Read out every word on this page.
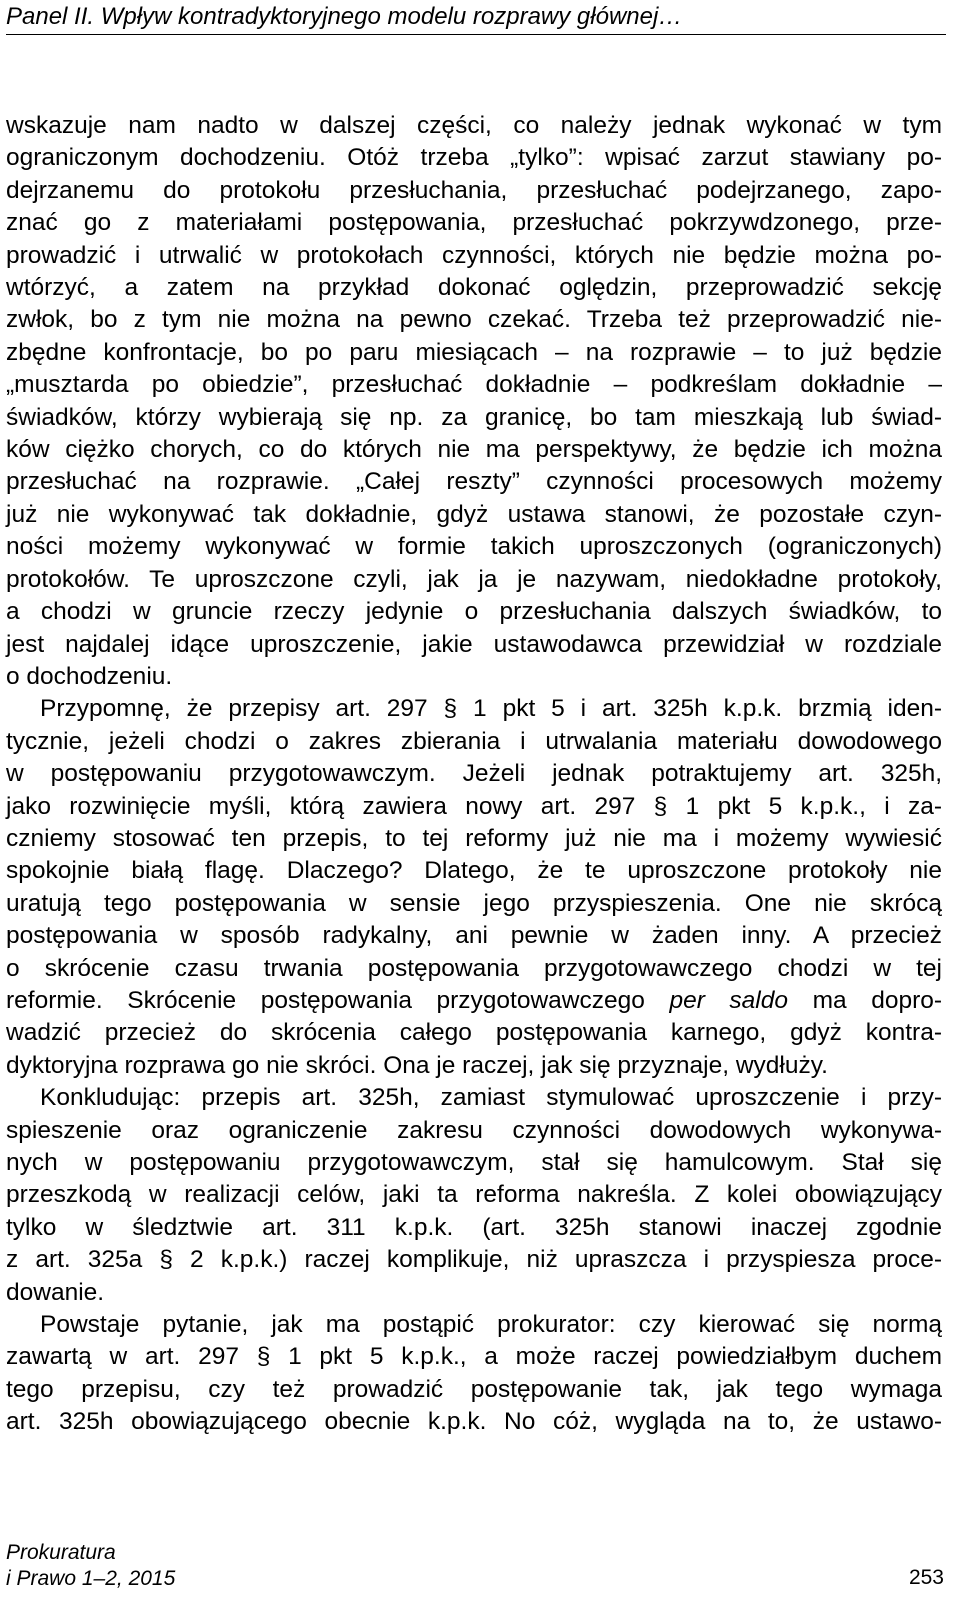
Panel II. Wpływ kontradyktoryjnego modelu rozprawy głównej…
wskazuje nam nadto w dalszej części, co należy jednak wykonać w tym
ograniczonym dochodzeniu. Otóż trzeba „tylko”: wpisać zarzut stawiany po-
dejrzanemu do protokołu przesłuchania, przesłuchać podejrzanego, zapo-
znać go z materiałami postępowania, przesłuchać pokrzywdzonego, prze-
prowadzić i utrwalić w protokołach czynności, których nie będzie można po-
wtórzyć, a zatem na przykład dokonać oględzin, przeprowadzić sekcję
zwłok, bo z tym nie można na pewno czekać. Trzeba też przeprowadzić nie-
zbędne konfrontacje, bo po paru miesiącach – na rozprawie – to już będzie
„musztarda po obiedzie”, przesłuchać dokładnie – podkreślam dokładnie –
świadków, którzy wybierają się np. za granicę, bo tam mieszkają lub świad-
ków ciężko chorych, co do których nie ma perspektywy, że będzie ich można
przesłuchać na rozprawie. „Całej reszty” czynności procesowych możemy
już nie wykonywać tak dokładnie, gdyż ustawa stanowi, że pozostałe czyn-
ności możemy wykonywać w formie takich uproszczonych (ograniczonych)
protokołów. Te uproszczone czyli, jak ja je nazywam, niedokładne protokoły,
a chodzi w gruncie rzeczy jedynie o przesłuchania dalszych świadków, to
jest najdalej idące uproszczenie, jakie ustawodawca przewidział w rozdziale
o dochodzeniu.
Przypomnę, że przepisy art. 297 § 1 pkt 5 i art. 325h k.p.k. brzmią iden-
tycznie, jeżeli chodzi o zakres zbierania i utrwalania materiału dowodowego
w postępowaniu przygotowawczym. Jeżeli jednak potraktujemy art. 325h,
jako rozwinięcie myśli, którą zawiera nowy art. 297 § 1 pkt 5 k.p.k., i za-
czniemy stosować ten przepis, to tej reformy już nie ma i możemy wywiesić
spokojnie białą flagę. Dlaczego? Dlatego, że te uproszczone protokoły nie
uratują tego postępowania w sensie jego przyspieszenia. One nie skrócą
postępowania w sposób radykalny, ani pewnie w żaden inny. A przecież
o skrócenie czasu trwania postępowania przygotowawczego chodzi w tej
reformie. Skrócenie postępowania przygotowawczego per saldo ma dopro-
wadzić przecież do skrócenia całego postępowania karnego, gdyż kontra-
dyktoryjna rozprawa go nie skróci. Ona je raczej, jak się przyznaje, wydłuży.
Konkludując: przepis art. 325h, zamiast stymulować uproszczenie i przy-
spieszenie oraz ograniczenie zakresu czynności dowodowych wykonywa-
nych w postępowaniu przygotowawczym, stał się hamulcowym. Stał się
przeszkodą w realizacji celów, jaki ta reforma nakreśla. Z kolei obowiązujący
tylko w śledztwie art. 311 k.p.k. (art. 325h stanowi inaczej zgodnie
z art. 325a § 2 k.p.k.) raczej komplikuje, niż upraszcza i przyspiesza proce-
dowanie.
Powstaje pytanie, jak ma postąpić prokurator: czy kierować się normą
zawartą w art. 297 § 1 pkt 5 k.p.k., a może raczej powiedziałbym duchem
tego przepisu, czy też prowadzić postępowanie tak, jak tego wymaga
art. 325h obowiązującego obecnie k.p.k. No cóż, wygląda na to, że ustawo-
Prokuratura
i Prawo 1–2, 2015	253
